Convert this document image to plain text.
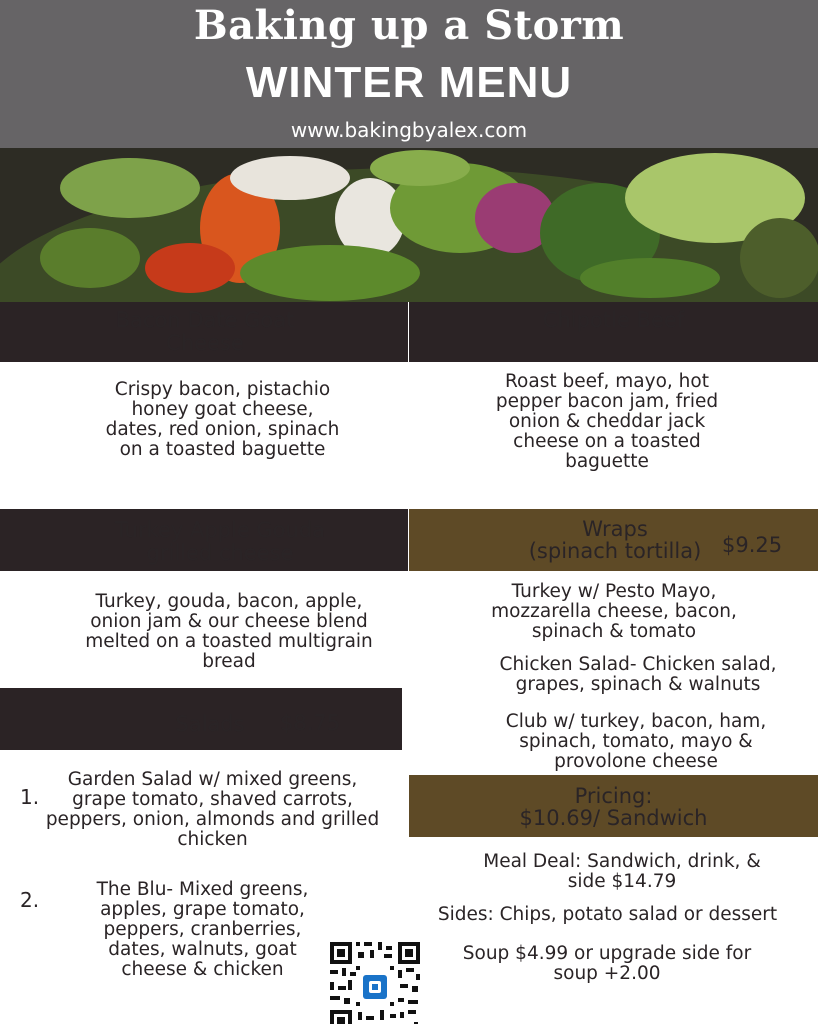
Baking up a Storm
WINTER MENU
www.bakingbyalex.com
Bacon Date Goat Cheese
Chipotle Beef
Crispy bacon, pistachio honey goat cheese, dates, red onion, spinach on a toasted baguette
Roast beef, mayo, hot pepper bacon jam, fried onion & cheddar jack cheese on a toasted baguette
Turkey Apple Gouda grilled cheese
Wraps
(spinach tortilla) $9.25
Turkey, gouda, bacon, apple, onion jam & our cheese blend melted on a toasted multigrain bread
Turkey w/ Pesto Mayo, mozzarella cheese, bacon, spinach & tomato
Chicken Salad- Chicken salad, grapes, spinach & walnuts
Club w/ turkey, bacon, ham, spinach, tomato, mayo & provolone cheese
Salads	$8.75
1.
Garden Salad w/ mixed greens, grape tomato, shaved carrots, peppers, onion, almonds and grilled chicken
2.	The Blu- Mixed greens, apples, grape tomato, peppers, cranberries, dates, walnuts, goat cheese & chicken
Pricing:
$10.69/ Sandwich
Meal Deal: Sandwich, drink, & side $14.79
Sides: Chips, potato salad or dessert
Soup $4.99 or upgrade side for soup +2.00
